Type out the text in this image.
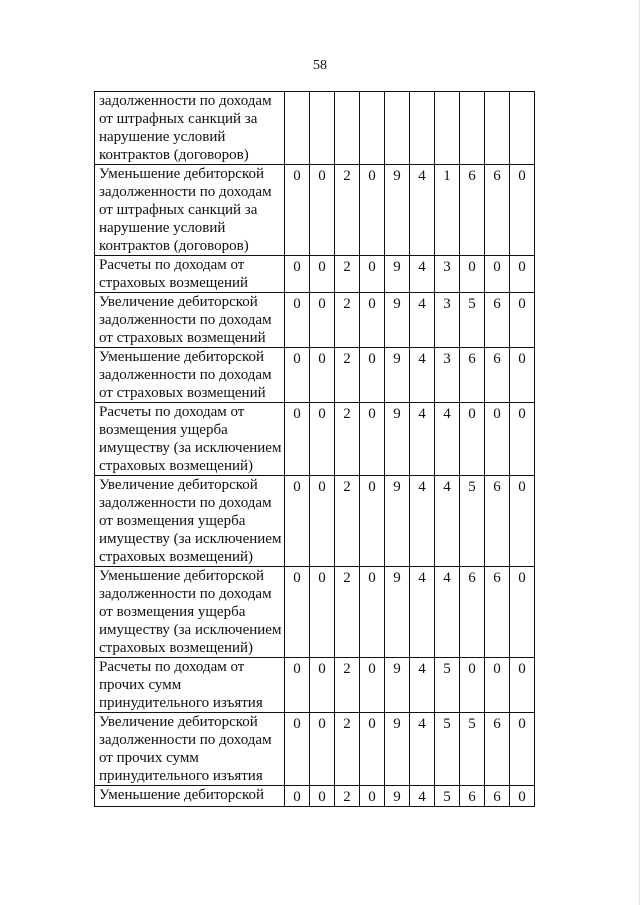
58
задолженности по доходам от штрафных санкций за нарушение условий контрактов (договоров)										
Уменьшение дебиторской задолженности по доходам от штрафных санкций за нарушение условий контрактов (договоров)	0	0	2	0	9	4	1	6	6	0
Расчеты по доходам от страховых возмещений	0	0	2	0	9	4	3	0	0	0
Увеличение дебиторской задолженности по доходам от страховых возмещений	0	0	2	0	9	4	3	5	6	0
Уменьшение дебиторской задолженности по доходам от страховых возмещений	0	0	2	0	9	4	3	6	6	0
Расчеты по доходам от возмещения ущерба имуществу (за исключением страховых возмещений)	0	0	2	0	9	4	4	0	0	0
Увеличение дебиторской задолженности по доходам от возмещения ущерба имуществу (за исключением страховых возмещений)	0	0	2	0	9	4	4	5	6	0
Уменьшение дебиторской задолженности по доходам от возмещения ущерба имуществу (за исключением страховых возмещений)	0	0	2	0	9	4	4	6	6	0
Расчеты по доходам от прочих сумм принудительного изъятия	0	0	2	0	9	4	5	0	0	0
Увеличение дебиторской задолженности по доходам от прочих сумм принудительного изъятия	0	0	2	0	9	4	5	5	6	0
Уменьшение дебиторской	0	0	2	0	9	4	5	6	6	0
